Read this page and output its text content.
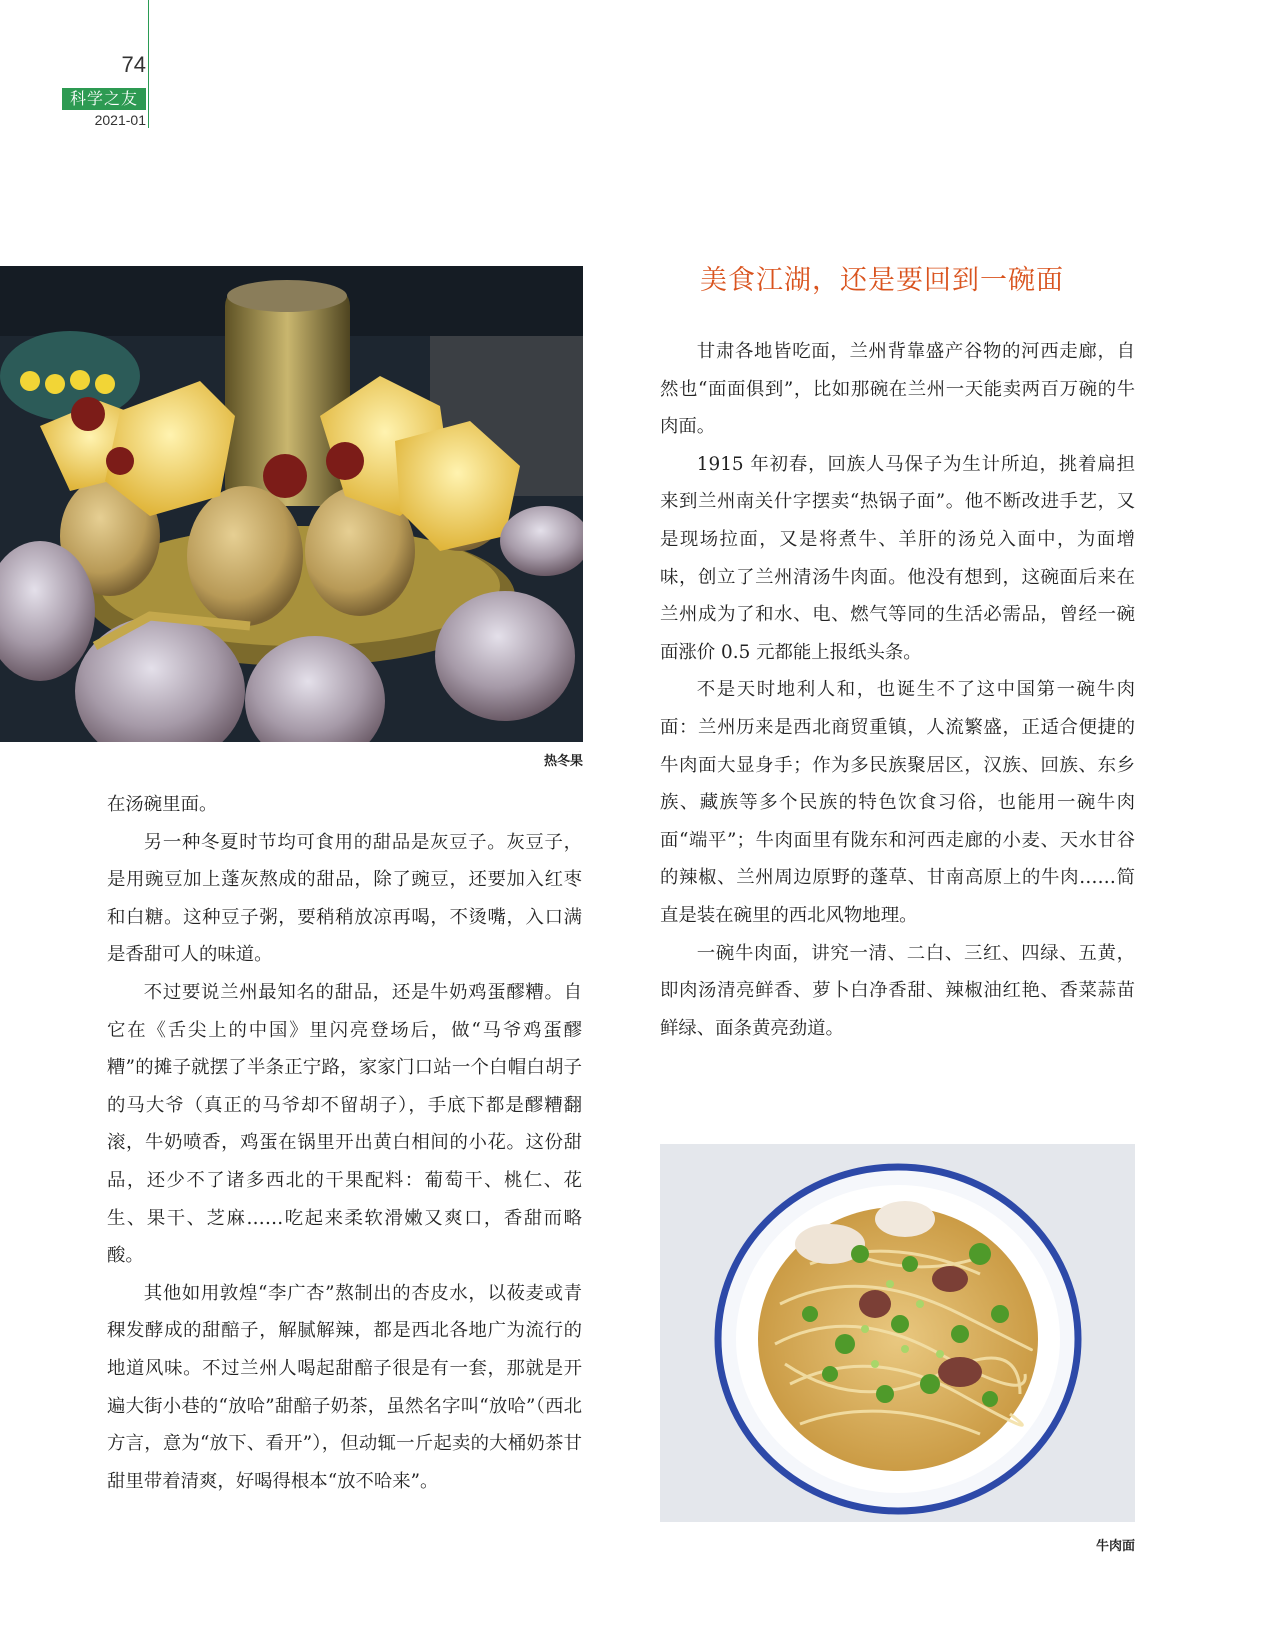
74
科学之友
2021-01
热冬果
美食江湖，还是要回到一碗面

在汤碗里面。

另一种冬夏时节均可食用的甜品是灰豆子。灰豆子，是用豌豆加上蓬灰熬成的甜品，除了豌豆，还要加入红枣和白糖。这种豆子粥，要稍稍放凉再喝，不烫嘴，入口满是香甜可人的味道。

不过要说兰州最知名的甜品，还是牛奶鸡蛋醪糟。自它在《舌尖上的中国》里闪亮登场后，做“马爷鸡蛋醪糟”的摊子就摆了半条正宁路，家家门口站一个白帽白胡子的马大爷（真正的马爷却不留胡子），手底下都是醪糟翻滚，牛奶喷香，鸡蛋在锅里开出黄白相间的小花。这份甜品，还少不了诸多西北的干果配料：葡萄干、桃仁、花生、果干、芝麻……吃起来柔软滑嫩又爽口，香甜而略酸。

其他如用敦煌“李广杏”熬制出的杏皮水，以莜麦或青稞发酵成的甜醅子，解腻解辣，都是西北各地广为流行的地道风味。不过兰州人喝起甜醅子很是有一套，那就是开遍大街小巷的“放哈”甜醅子奶茶，虽然名字叫“放哈”（西北方言，意为“放下、看开”），但动辄一斤起卖的大桶奶茶甘甜里带着清爽，好喝得根本“放不哈来”。

甘肃各地皆吃面，兰州背靠盛产谷物的河西走廊，自然也“面面俱到”，比如那碗在兰州一天能卖两百万碗的牛肉面。

1915 年初春，回族人马保子为生计所迫，挑着扁担来到兰州南关什字摆卖“热锅子面”。他不断改进手艺，又是现场拉面，又是将煮牛、羊肝的汤兑入面中，为面增味，创立了兰州清汤牛肉面。他没有想到，这碗面后来在兰州成为了和水、电、燃气等同的生活必需品，曾经一碗面涨价 0.5 元都能上报纸头条。

不是天时地利人和，也诞生不了这中国第一碗牛肉面：兰州历来是西北商贸重镇，人流繁盛，正适合便捷的牛肉面大显身手；作为多民族聚居区，汉族、回族、东乡族、藏族等多个民族的特色饮食习俗，也能用一碗牛肉面“端平”；牛肉面里有陇东和河西走廊的小麦、天水甘谷的辣椒、兰州周边原野的蓬草、甘南高原上的牛肉……简直是装在碗里的西北风物地理。

一碗牛肉面，讲究一清、二白、三红、四绿、五黄，即肉汤清亮鲜香、萝卜白净香甜、辣椒油红艳、香菜蒜苗鲜绿、面条黄亮劲道。

牛肉面
